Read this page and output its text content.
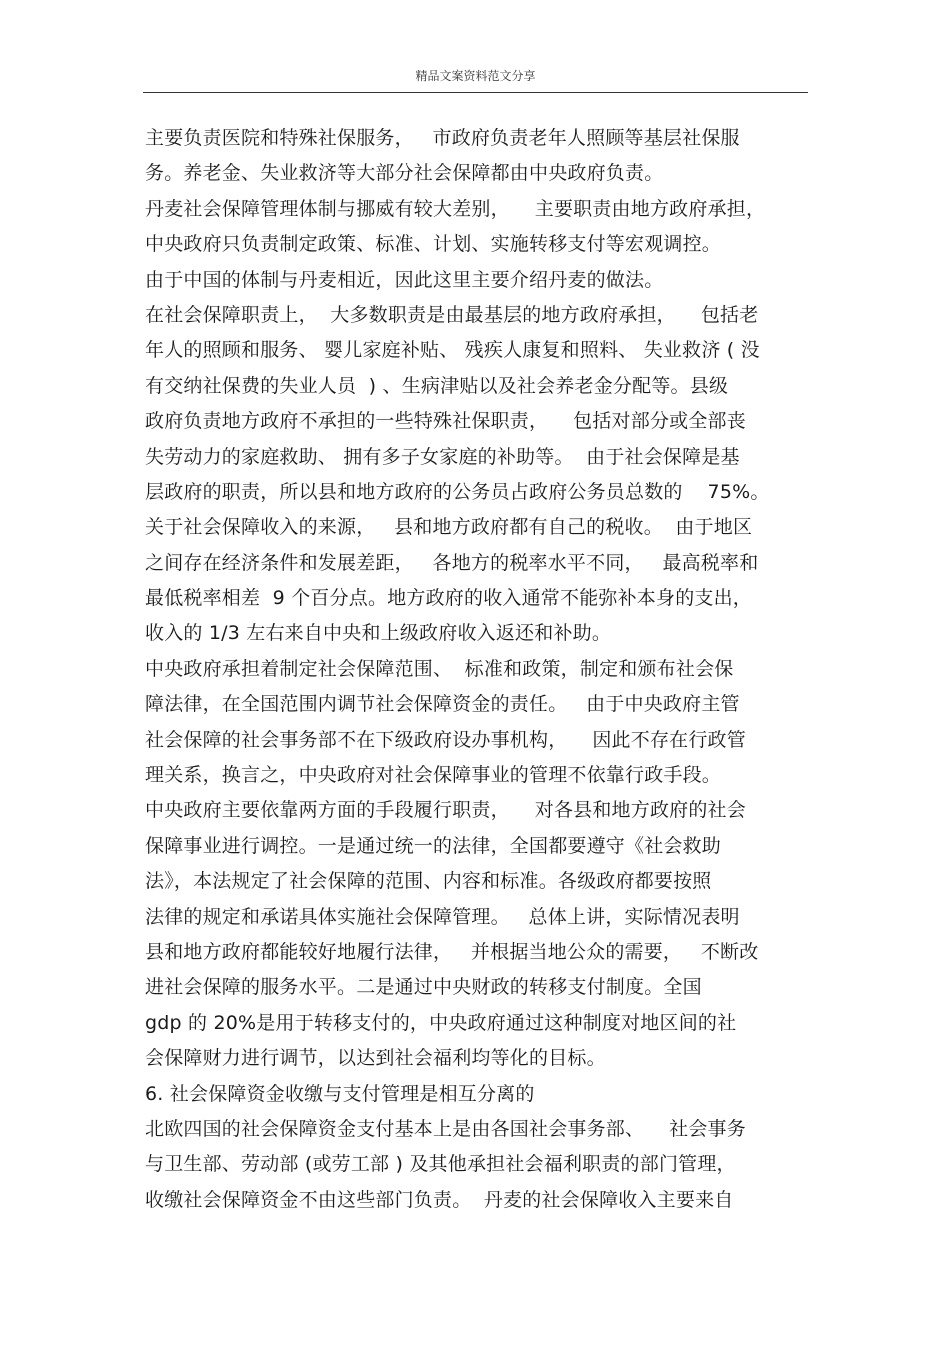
精品文案资料范文分享
主要负责医院和特殊社保服务，   市政府负责老年人照顾等基层社保服
务。养老金、失业救济等大部分社会保障都由中央政府负责。
丹麦社会保障管理体制与挪威有较大差别，    主要职责由地方政府承担，
中央政府只负责制定政策、标准、计划、实施转移支付等宏观调控。
由于中国的体制与丹麦相近，因此这里主要介绍丹麦的做法。
在社会保障职责上，  大多数职责是由最基层的地方政府承担，    包括老
年人的照顾和服务、 婴儿家庭补贴、 残疾人康复和照料、 失业救济 ( 没
有交纳社保费的失业人员  ) 、生病津贴以及社会养老金分配等。县级
政府负责地方政府不承担的一些特殊社保职责，    包括对部分或全部丧
失劳动力的家庭救助、 拥有多子女家庭的补助等。  由于社会保障是基
层政府的职责，所以县和地方政府的公务员占政府公务员总数的    75%。
关于社会保障收入的来源，   县和地方政府都有自己的税收。  由于地区
之间存在经济条件和发展差距，   各地方的税率水平不同，   最高税率和
最低税率相差  9 个百分点。地方政府的收入通常不能弥补本身的支出，
收入的 1/3 左右来自中央和上级政府收入返还和补助。
中央政府承担着制定社会保障范围、  标准和政策，制定和颁布社会保
障法律，在全国范围内调节社会保障资金的责任。   由于中央政府主管
社会保障的社会事务部不在下级政府设办事机构，    因此不存在行政管
理关系，换言之，中央政府对社会保障事业的管理不依靠行政手段。
中央政府主要依靠两方面的手段履行职责，    对各县和地方政府的社会
保障事业进行调控。一是通过统一的法律，全国都要遵守《社会救助
法》，本法规定了社会保障的范围、内容和标准。各级政府都要按照
法律的规定和承诺具体实施社会保障管理。   总体上讲，实际情况表明
县和地方政府都能较好地履行法律，   并根据当地公众的需要，   不断改
进社会保障的服务水平。二是通过中央财政的转移支付制度。全国
gdp 的 20%是用于转移支付的，中央政府通过这种制度对地区间的社
会保障财力进行调节，以达到社会福利均等化的目标。
6. 社会保障资金收缴与支付管理是相互分离的
北欧四国的社会保障资金支付基本上是由各国社会事务部、    社会事务
与卫生部、劳动部 (或劳工部 ) 及其他承担社会福利职责的部门管理，
收缴社会保障资金不由这些部门负责。  丹麦的社会保障收入主要来自
